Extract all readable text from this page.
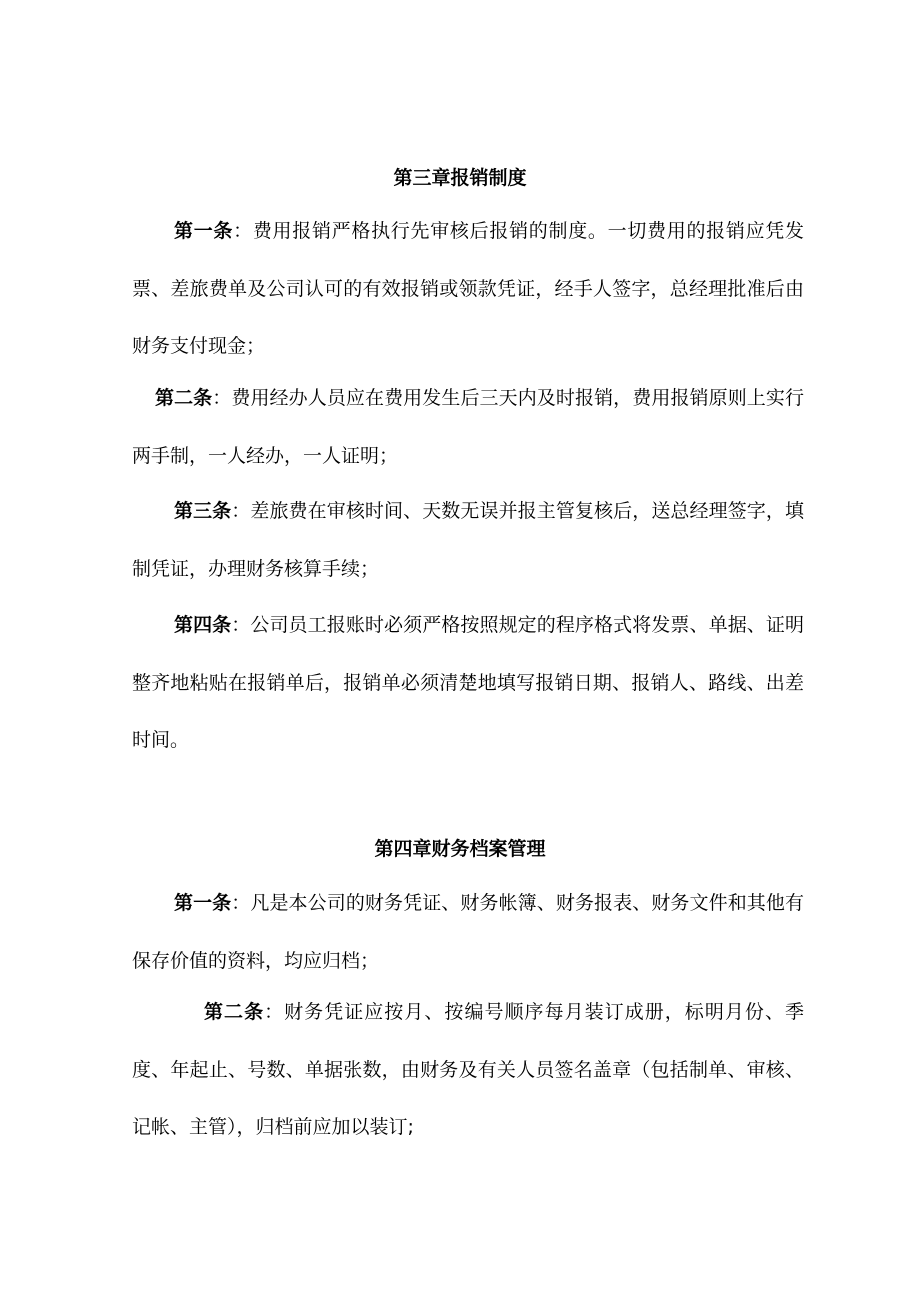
第三章报销制度

第一条：费用报销严格执行先审核后报销的制度。一切费用的报销应凭发票、差旅费单及公司认可的有效报销或领款凭证，经手人签字，总经理批准后由财务支付现金；

第二条：费用经办人员应在费用发生后三天内及时报销，费用报销原则上实行两手制，一人经办，一人证明；

第三条：差旅费在审核时间、天数无误并报主管复核后，送总经理签字，填制凭证，办理财务核算手续；

第四条：公司员工报账时必须严格按照规定的程序格式将发票、单据、证明整齐地粘贴在报销单后，报销单必须清楚地填写报销日期、报销人、路线、出差时间。

第四章财务档案管理

第一条：凡是本公司的财务凭证、财务帐簿、财务报表、财务文件和其他有保存价值的资料，均应归档；

第二条：财务凭证应按月、按编号顺序每月装订成册，标明月份、季度、年起止、号数、单据张数，由财务及有关人员签名盖章（包括制单、审核、记帐、主管），归档前应加以装订;
